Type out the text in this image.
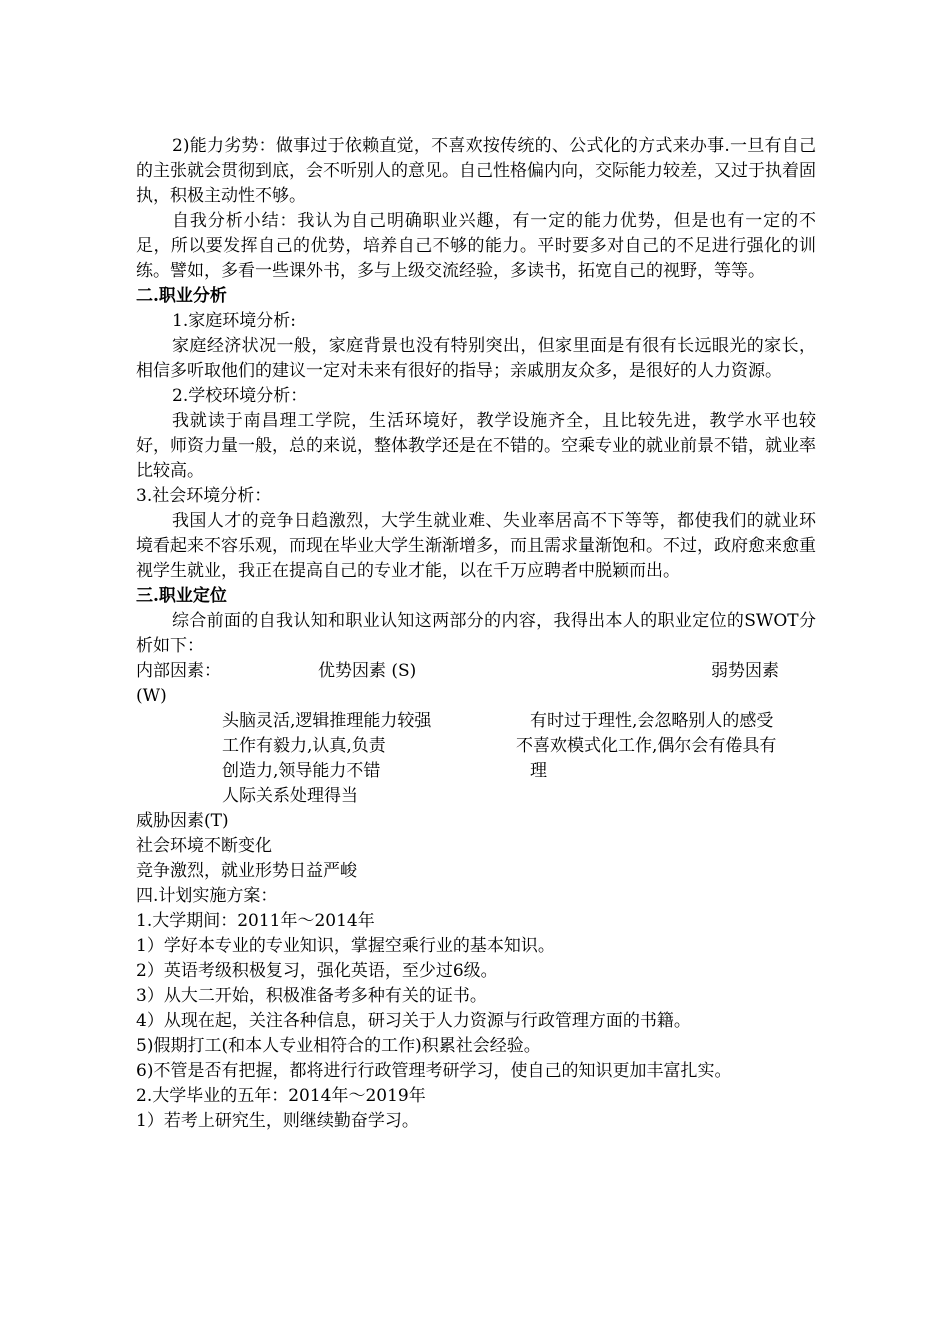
2)能力劣势：做事过于依赖直觉，不喜欢按传统的、公式化的方式来办事.一旦有自己的主张就会贯彻到底，会不听别人的意见。自己性格偏内向，交际能力较差，又过于执着固执，积极主动性不够。

自我分析小结：我认为自己明确职业兴趣，有一定的能力优势，但是也有一定的不足，所以要发挥自己的优势，培养自己不够的能力。平时要多对自己的不足进行强化的训练。譬如，多看一些课外书，多与上级交流经验，多读书，拓宽自己的视野，等等。

二.职业分析

1.家庭环境分析:

家庭经济状况一般，家庭背景也没有特别突出，但家里面是有很有长远眼光的家长，相信多听取他们的建议一定对未来有很好的指导；亲戚朋友众多，是很好的人力资源。

2.学校环境分析：

我就读于南昌理工学院，生活环境好，教学设施齐全，且比较先进，教学水平也较好，师资力量一般，总的来说，整体教学还是在不错的。空乘专业的就业前景不错，就业率比较高。

3.社会环境分析：

我国人才的竞争日趋激烈，大学生就业难、失业率居高不下等等，都使我们的就业环境看起来不容乐观，而现在毕业大学生渐渐增多，而且需求量渐饱和。不过，政府愈来愈重视学生就业，我正在提高自己的专业才能，以在千万应聘者中脱颖而出。

三.职业定位

综合前面的自我认知和职业认知这两部分的内容，我得出本人的职业定位的SWOT分析如下：

内部因素：	优势因素 (S)	弱势因素
(W)
头脑灵活,逻辑推理能力较强
工作有毅力,认真,负责
创造力,领导能力不错
人际关系处理得当
有时过于理性,会忽略别人的感受
不喜欢模式化工作,偶尔会有倦具有
理

威胁因素(T)

社会环境不断变化

竞争激烈，就业形势日益严峻

四.计划实施方案：

1.大学期间：2011年～2014年

1）学好本专业的专业知识，掌握空乘行业的基本知识。

2）英语考级积极复习，强化英语，至少过6级。

3）从大二开始，积极准备考多种有关的证书。

4）从现在起，关注各种信息，研习关于人力资源与行政管理方面的书籍。

5)假期打工(和本人专业相符合的工作)积累社会经验。

6)不管是否有把握，都将进行行政管理考研学习，使自己的知识更加丰富扎实。

2.大学毕业的五年：2014年～2019年

1）若考上研究生，则继续勤奋学习。
